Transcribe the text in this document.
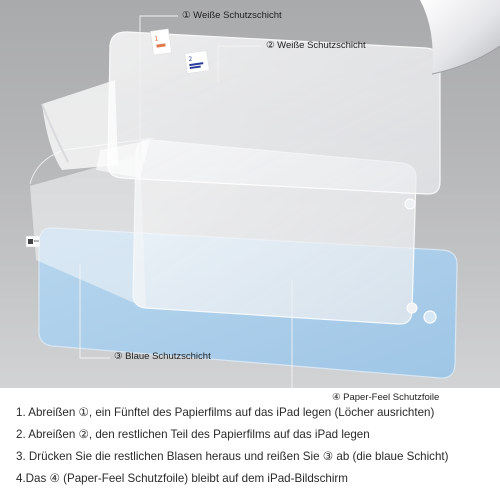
1
2
① Weiße Schutzschicht
② Weiße Schutzschicht
③ Blaue Schutzschicht
④ Paper-Feel Schutzfoile
1. Abreißen ①, ein Fünftel des Papierfilms auf das iPad legen (Löcher ausrichten)
2. Abreißen ②, den restlichen Teil des Papierfilms auf das iPad legen
3. Drücken Sie die restlichen Blasen heraus und reißen Sie ③ ab (die blaue Schicht)
4.Das ④ (Paper-Feel Schutzfoile) bleibt auf dem iPad-Bildschirm
